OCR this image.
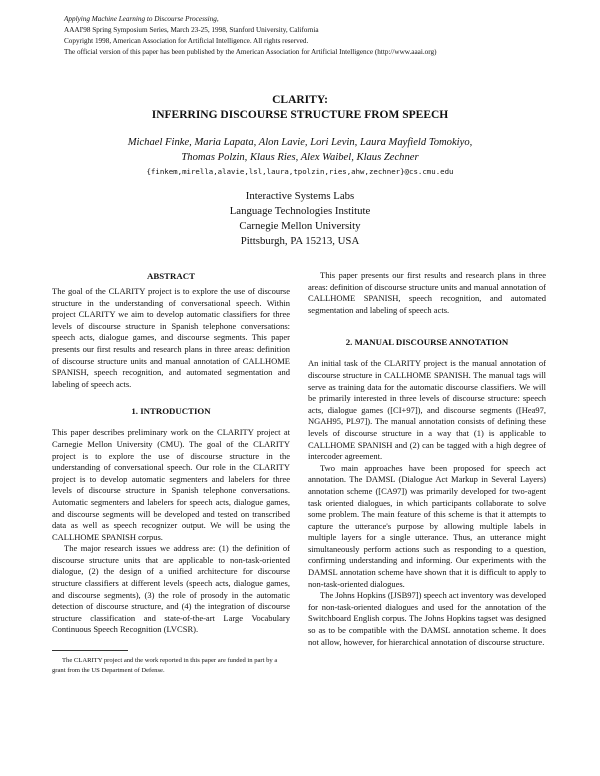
Applying Machine Learning to Discourse Processing,
AAAI'98 Spring Symposium Series, March 23-25, 1998, Stanford University, California
Copyright 1998, American Association for Artificial Intelligence. All rights reserved.
The official version of this paper has been published by the American Association for Artificial Intelligence (http://www.aaai.org)
CLARITY:
INFERRING DISCOURSE STRUCTURE FROM SPEECH
Michael Finke, Maria Lapata, Alon Lavie, Lori Levin, Laura Mayfield Tomokiyo,
Thomas Polzin, Klaus Ries, Alex Waibel, Klaus Zechner
{finkem,mirella,alavie,lsl,laura,tpolzin,ries,ahw,zechner}@cs.cmu.edu
Interactive Systems Labs
Language Technologies Institute
Carnegie Mellon University
Pittsburgh, PA 15213, USA
ABSTRACT

The goal of the CLARITY project is to explore the use of discourse structure in the understanding of conversational speech. Within project CLARITY we aim to develop automatic classifiers for three levels of discourse structure in Spanish telephone conversations: speech acts, dialogue games, and discourse segments. This paper presents our first results and research plans in three areas: definition of discourse structure units and manual annotation of CALLHOME SPANISH, speech recognition, and automated segmentation and labeling of speech acts.

1. INTRODUCTION

This paper describes preliminary work on the CLARITY project at Carnegie Mellon University (CMU). The goal of the CLARITY project is to explore the use of discourse structure in the understanding of conversational speech. Our role in the CLARITY project is to develop automatic segmenters and labelers for three levels of discourse structure in Spanish telephone conversations. Automatic segmenters and labelers for speech acts, dialogue games, and discourse segments will be developed and tested on transcribed data as well as speech recognizer output. We will be using the CALLHOME SPANISH corpus.

The major research issues we address are: (1) the definition of discourse structure units that are applicable to non-task-oriented dialogue, (2) the design of a unified architecture for discourse structure classifiers at different levels (speech acts, dialogue games, and discourse segments), (3) the role of prosody in the automatic detection of discourse structure, and (4) the integration of discourse structure classification and state-of-the-art Large Vocabulary Continuous Speech Recognition (LVCSR).

The CLARITY project and the work reported in this paper are funded in part by a grant from the US Department of Defense.

This paper presents our first results and research plans in three areas: definition of discourse structure units and manual annotation of CALLHOME SPANISH, speech recognition, and automated segmentation and labeling of speech acts.

2. MANUAL DISCOURSE ANNOTATION

An initial task of the CLARITY project is the manual annotation of discourse structure in CALLHOME SPANISH. The manual tags will serve as training data for the automatic discourse classifiers. We will be primarily interested in three levels of discourse structure: speech acts, dialogue games ([CI+97]), and discourse segments ([Hea97, NGAH95, PL97]). The manual annotation consists of defining these levels of discourse structure in a way that (1) is applicable to CALLHOME SPANISH and (2) can be tagged with a high degree of intercoder agreement.

Two main approaches have been proposed for speech act annotation. The DAMSL (Dialogue Act Markup in Several Layers) annotation scheme ([CA97]) was primarily developed for two-agent task oriented dialogues, in which participants collaborate to solve some problem. The main feature of this scheme is that it attempts to capture the utterance's purpose by allowing multiple labels in multiple layers for a single utterance. Thus, an utterance might simultaneously perform actions such as responding to a question, confirming understanding and informing. Our experiments with the DAMSL annotation scheme have shown that it is difficult to apply to non-task-oriented dialogues.

The Johns Hopkins ([JSB97]) speech act inventory was developed for non-task-oriented dialogues and used for the annotation of the Switchboard English corpus. The Johns Hopkins tagset was designed so as to be compatible with the DAMSL annotation scheme. It does not allow, however, for hierarchical annotation of discourse structure.
